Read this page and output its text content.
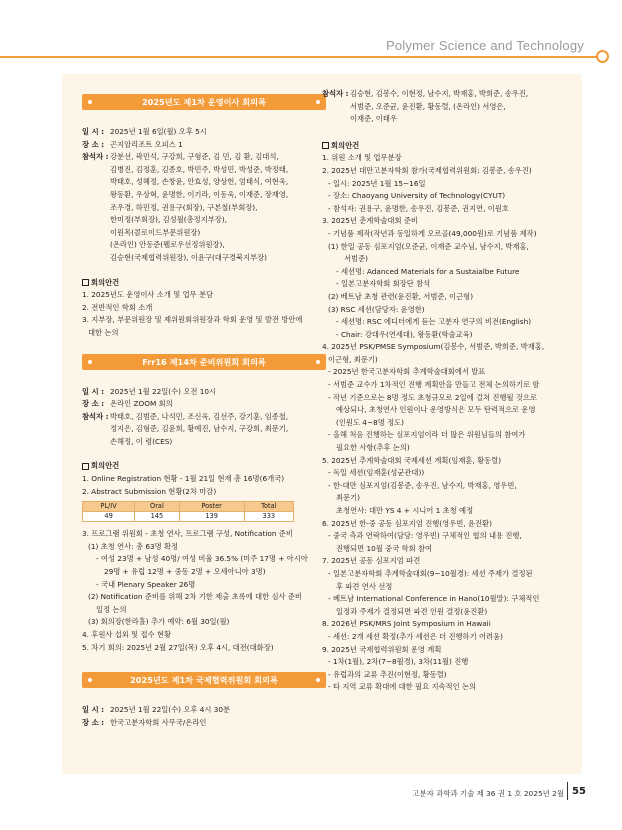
Polymer Science and Technology
2025년도 제1차 운영이사 회의록
일 시 : 2025년 1월 6일(월) 오후 5시
장 소 : 곤지암리조트 오피스 1
참석자 : 강분선, 곽민석, 구강희, 구형준, 김 민, 김 환, 김대석,
김병진, 김정훈, 김종호, 박민주, 박성민, 박성준, 박정태,
박태호, 성혜정, 손창윤, 안효성, 양상헌, 엄태식, 여현욱,
왕동환, 우상혁, 윤명한, 이기라, 이동욱, 이재준, 장재영,
조우경, 하민정, 권용구(회장), 구본철(부회장),
한미정(부회장), 김성월(총정지부장),
이원목(콜로이드부문위원장)
(온라인) 안동준(웰로우선정위원장),
김승현(국제협력위원장), 이윤구(대구경북지부장)
회의안건
1. 2025년도 운영이사 소개 및 업무 분담
2. 전반적인 학회 소개
3. 지부장, 부문위원장 및 제위원회위원장과 학회 운영 및 발전 방안에
대한 논의
Frr16 제14차 준비위원회 회의록
일 시 : 2025년 1월 22일(수) 오전 10시
장 소 : 온라인 ZOOM 회의
참석자 : 박태호, 김범준, 나석민, 조신욱, 김선주, 강기훈, 임종철,
정지은, 김형준, 김윤희, 황예진, 남수지, 구강희, 최문기,
손해정, 이 령(CES)
회의안건
1. Online Registration 현황 - 1월 21일 현재 총 16명(6개국)
2. Abstract Submission 현황(2차 마감)
PL/IV	Oral	Poster	Total
49	145	139	333
3. 프로그램 위원회 - 초청 연사, 프로그램 구성, Notification 준비
(1) 초청 연사: 총 63명 확정
- 여성 23명 + 남성 40명/ 여성 비율 36.5% (미주 17명 + 아시아
29명 + 유럽 12명 + 중동 2명 + 오세아니아 3명)
- 국내 Plenary Speaker 26명
(2) Notification 준비를 위해 2차 기한 제출 초록에 대한 심사 준비
일정 논의
(3) 회의장(한라홀) 추가 예약: 6월 30일(월)
4. 후원사 섭외 및 접수 현황
5. 차기 회의: 2025년 2월 27일(목) 오후 4시, 대전(대화장)
2025년도 제1차 국제협력위원회 회의록
일 시 : 2025년 1월 22일(수) 오후 4시 30분
장 소 : 한국고분자학회 사무국/온라인
참석자 : 김승현, 김봉수, 이현정, 남수지, 박재홍, 박희준, 송우진,
서범준, 오준균, 윤진환, 황동렬, (온라인) 서영은,
이재준, 이태우
회의안건
1. 위원 소개 및 업무분장
2. 2025년 대만고분자학회 참가(국제협력위원회: 김봉준, 송우진)
- 일시: 2025년 1월 15~16일
- 장소: Chaoyang University of Technology(CYUT)
- 참석자: 권용구, 윤명한, 송우진, 김봉준, 권지연, 이원호
3. 2025년 춘계학술대회 준비
- 기념품 제작(작년과 동일하게 오르골(49,000원)로 기념품 제작)
(1) 한일 공동 심포지엄(오준균, 이재준 교수님, 남수지, 박재홍,
서범준)
- 세션명: Adanced Materials for a Sustaialbe Future
- 일본고분자학회 회장단 참석
(2) 베트남 초청 관련(윤진환, 서범준, 이근형)
(3) RSC 세션(담당자: 윤영한)
- 세션명: RSC 에디터에게 듣는 고분자 연구의 비전(English)
- Chair: 강대우(연세대), 왕동환(학술교육)
4. 2025년 PSK/PMSE Symposium(김봉수, 서범준, 박희준, 박재홍,
이근형, 최문기)
- 2025년 한국고분자학회 추계학술대회에서 발표
- 서범준 교수가 1차적인 진행 계획안을 만들고 전체 논의하기로 함
- 작년 기준으로는 8명 정도 초청규모로 2일에 걸쳐 진행될 것으로
예상되나, 초청연사 인원이나 운영방식은 모두 탄력적으로 운영
(인원도 4~8명 정도)
- 올해 처음 진행하는 심포지엄이라 더 많은 위원님들의 참여가
필요한 사항(추후 논의)
5. 2025년 추계학술대회 국제세션 계획(임재훈, 황동렬)
- 독일 세션(임재훈(성균관대))
- 한-대만 심포지엄(김봉준, 송우진, 남수지, 박재홍, 영우빈,
최문기)
초청연사: 대만 YS 4 + 시니어 1 초청 예정
6. 2025년 한-중 공동 심포지엄 진행(영우빈, 윤진환)
- 중국 측과 연락하여(담당: 영우빈) 구체적인 협의 내용 진행,
진행되면 10월 중국 학회 참여
7. 2025년 공동 심포지엄 파견
- 일본고분자학회 추계학술대회(9~10월경): 세션 주제가 결정된
후 파견 연사 선정
- 베트남 International Conference in Hano(10월말): 구체적인
일정과 주제가 결정되면 파견 인원 결정(윤진환)
8. 2026년 PSK/MRS Joint Symposium in Hawaii
- 세션: 2개 세션 확정(추가 세션은 더 진행하기 어려움)
9. 2025년 국제협력위원회 운영 계획
- 1차(1월), 2차(7~8월경), 3차(11월) 진행
- 유럽과의 교류 추진(이현정, 황동렬)
- 타 지역 교류 확대에 대한 필요 지속적인 논의
고분자 과학과 기술 제 36 권 1 호 2025년 2월 55
